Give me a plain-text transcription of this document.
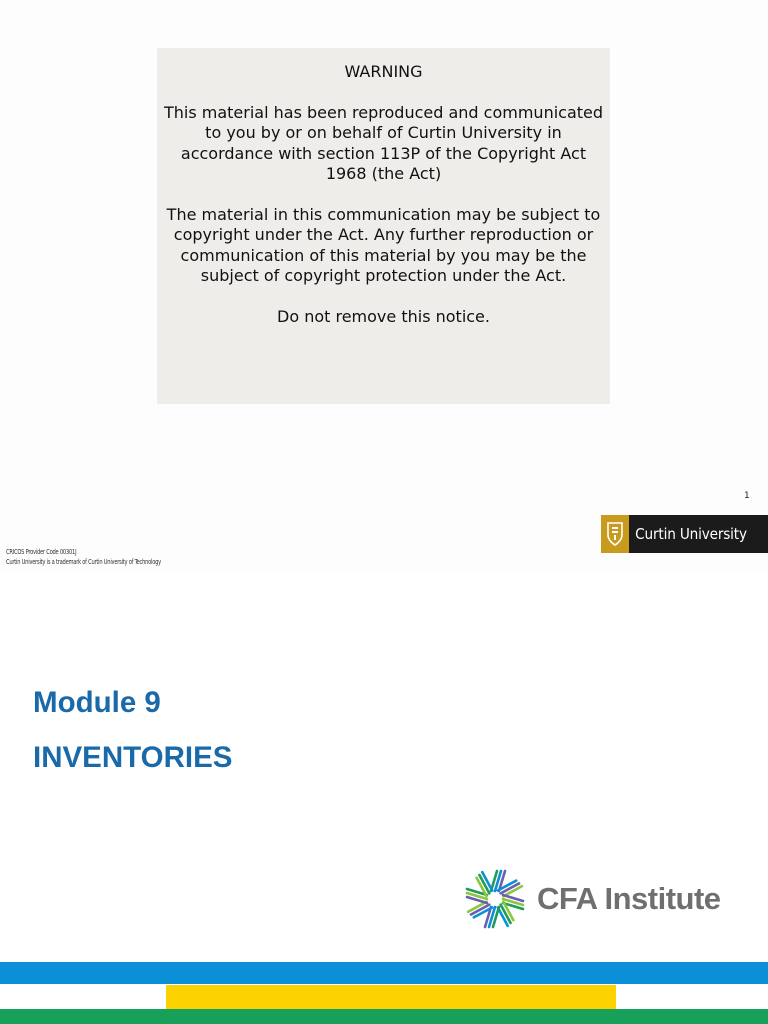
WARNING

This material has been reproduced and communicated to you by or on behalf of Curtin University in accordance with section 113P of the Copyright Act 1968 (the Act)

The material in this communication may be subject to copyright under the Act. Any further reproduction or communication of this material by you may be the subject of copyright protection under the Act.

Do not remove this notice.

1
CRICOS Provider Code 00301J
Curtin University is a trademark of Curtin University of Technology
Curtin University
Module 9
INVENTORIES
CFA Institute
